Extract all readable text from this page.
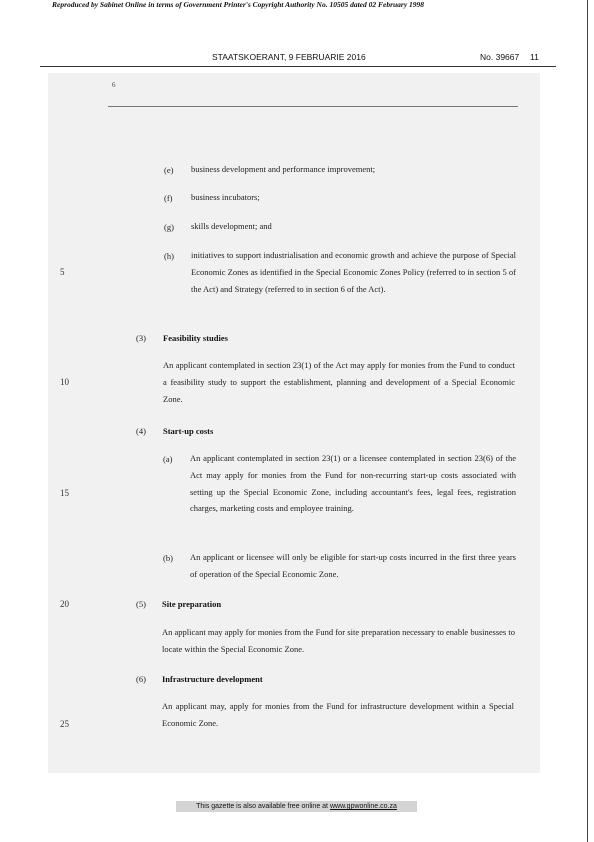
Reproduced by Sabinet Online in terms of Government Printer's Copyright Authority No. 10505 dated 02 February 1998
STAATSKOERANT, 9 FEBRUARIE 2016	No. 39667 11
6
5
10
15
20
25
(e) business development and performance improvement;
(f) business incubators;
(g) skills development; and
(h) initiatives to support industrialisation and economic growth and achieve the purpose of Special Economic Zones as identified in the Special Economic Zones Policy (referred to in section 5 of the Act) and Strategy (referred to in section 6 of the Act).
(3) Feasibility studies
An applicant contemplated in section 23(1) of the Act may apply for monies from the Fund to conduct a feasibility study to support the establishment, planning and development of a Special Economic Zone.
(4) Start-up costs
(a) An applicant contemplated in section 23(1) or a licensee contemplated in section 23(6) of the Act may apply for monies from the Fund for non-recurring start-up costs associated with setting up the Special Economic Zone, including accountant's fees, legal fees, registration charges, marketing costs and employee training.
(b) An applicant or licensee will only be eligible for start-up costs incurred in the first three years of operation of the Special Economic Zone.
(5) Site preparation
An applicant may apply for monies from the Fund for site preparation necessary to enable businesses to locate within the Special Economic Zone.
(6) Infrastructure development
An applicant may, apply for monies from the Fund for infrastructure development within a Special Economic Zone.
This gazette is also available free online at www.gpwonline.co.za
